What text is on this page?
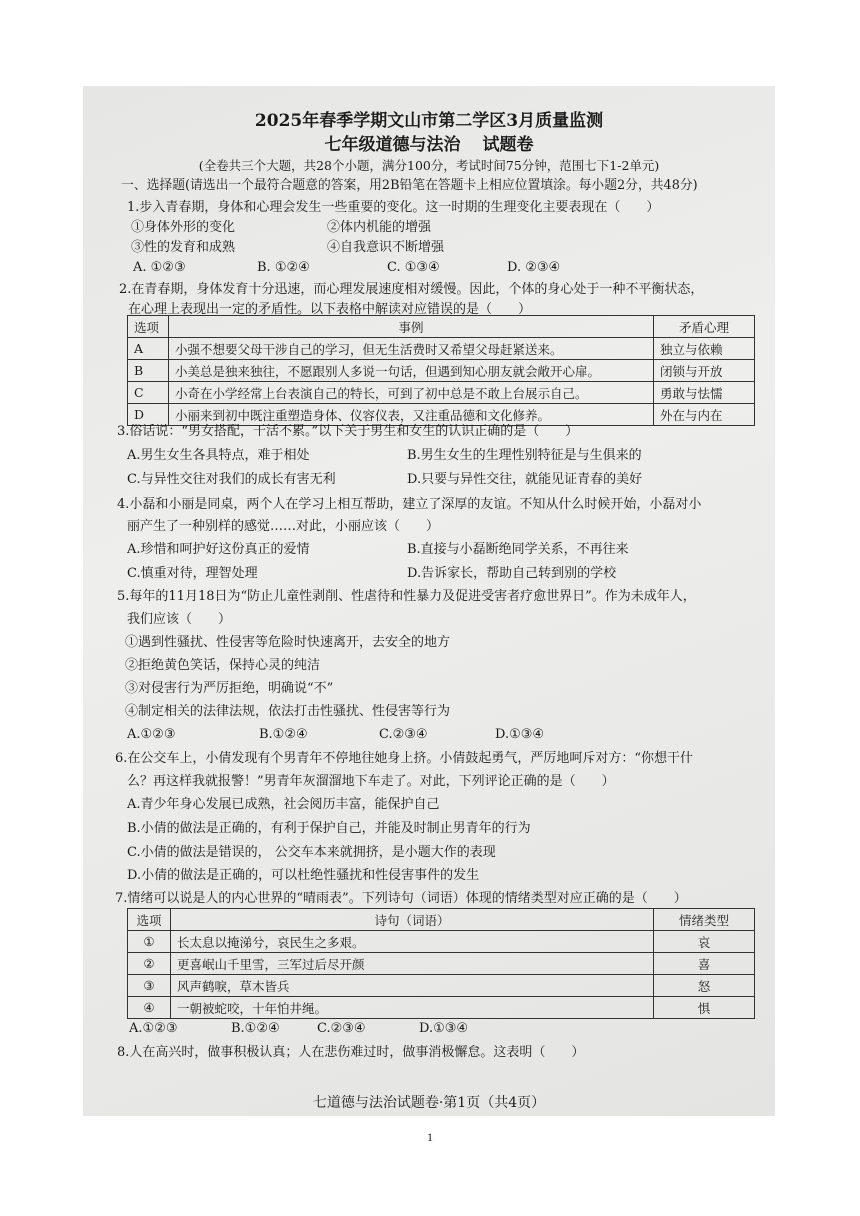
2025年春季学期文山市第二学区3月质量监测
七年级道德与法治 试题卷
(全卷共三个大题，共28个小题，满分100分，考试时间75分钟，范围七下1-2单元)
一、选择题(请选出一个最符合题意的答案，用2B铅笔在答题卡上相应位置填涂。每小题2分，共48分)
1.步入青春期，身体和心理会发生一些重要的变化。这一时期的生理变化主要表现在（　　）
①身体外形的变化	②体内机能的增强
③性的发育和成熟	④自我意识不断增强
A. ①②③	B. ①②④	C. ①③④	D. ②③④
2.在青春期，身体发育十分迅速，而心理发展速度相对缓慢。因此，个体的身心处于一种不平衡状态，
在心理上表现出一定的矛盾性。以下表格中解读对应错误的是（　　）
选项	事例	矛盾心理
A	小强不想要父母干涉自己的学习，但无生活费时又希望父母赶紧送来。	独立与依赖
B	小美总是独来独往，不愿跟别人多说一句话，但遇到知心朋友就会敞开心扉。	闭锁与开放
C	小奇在小学经常上台表演自己的特长，可到了初中总是不敢上台展示自己。	勇敢与怯懦
D	小丽来到初中既注重塑造身体、仪容仪表，又注重品德和文化修养。	外在与内在
3.俗话说：“男女搭配，干活不累。”以下关于男生和女生的认识正确的是（　　）
A.男生女生各具特点，难于相处	B.男生女生的生理性别特征是与生俱来的
C.与异性交往对我们的成长有害无利	D.只要与异性交往，就能见证青春的美好
4.小磊和小丽是同桌，两个人在学习上相互帮助，建立了深厚的友谊。不知从什么时候开始，小磊对小
丽产生了一种别样的感觉……对此，小丽应该（　　）
A.珍惜和呵护好这份真正的爱情	B.直接与小磊断绝同学关系，不再往来
C.慎重对待，理智处理	D.告诉家长，帮助自己转到别的学校
5.每年的11月18日为“防止儿童性剥削、性虐待和性暴力及促进受害者疗愈世界日”。作为未成年人，
我们应该（　　）
①遇到性骚扰、性侵害等危险时快速离开，去安全的地方
②拒绝黄色笑话，保持心灵的纯洁
③对侵害行为严厉拒绝，明确说“不”
④制定相关的法律法规，依法打击性骚扰、性侵害等行为
A.①②③	B.①②④	C.②③④	D.①③④
6.在公交车上，小倩发现有个男青年不停地往她身上挤。小倩鼓起勇气，严厉地呵斥对方：“你想干什
么？再这样我就报警！”男青年灰溜溜地下车走了。对此，下列评论正确的是（　　）
A.青少年身心发展已成熟，社会阅历丰富，能保护自己
B.小倩的做法是正确的，有利于保护自己，并能及时制止男青年的行为
C.小倩的做法是错误的， 公交车本来就拥挤，是小题大作的表现
D.小倩的做法是正确的，可以杜绝性骚扰和性侵害事件的发生
7.情绪可以说是人的内心世界的“晴雨表”。下列诗句（词语）体现的情绪类型对应正确的是（　　）
选项	诗句（词语）	情绪类型
①	长太息以掩涕兮，哀民生之多艰。	哀
②	更喜岷山千里雪，三军过后尽开颜	喜
③	风声鹤唳，草木皆兵	怒
④	一朝被蛇咬，十年怕井绳。	惧
A.①②③	B.①②④	C.②③④	D.①③④
8.人在高兴时，做事积极认真；人在悲伤难过时，做事消极懈怠。这表明（　　）
七道德与法治试题卷·第1页（共4页）
1
